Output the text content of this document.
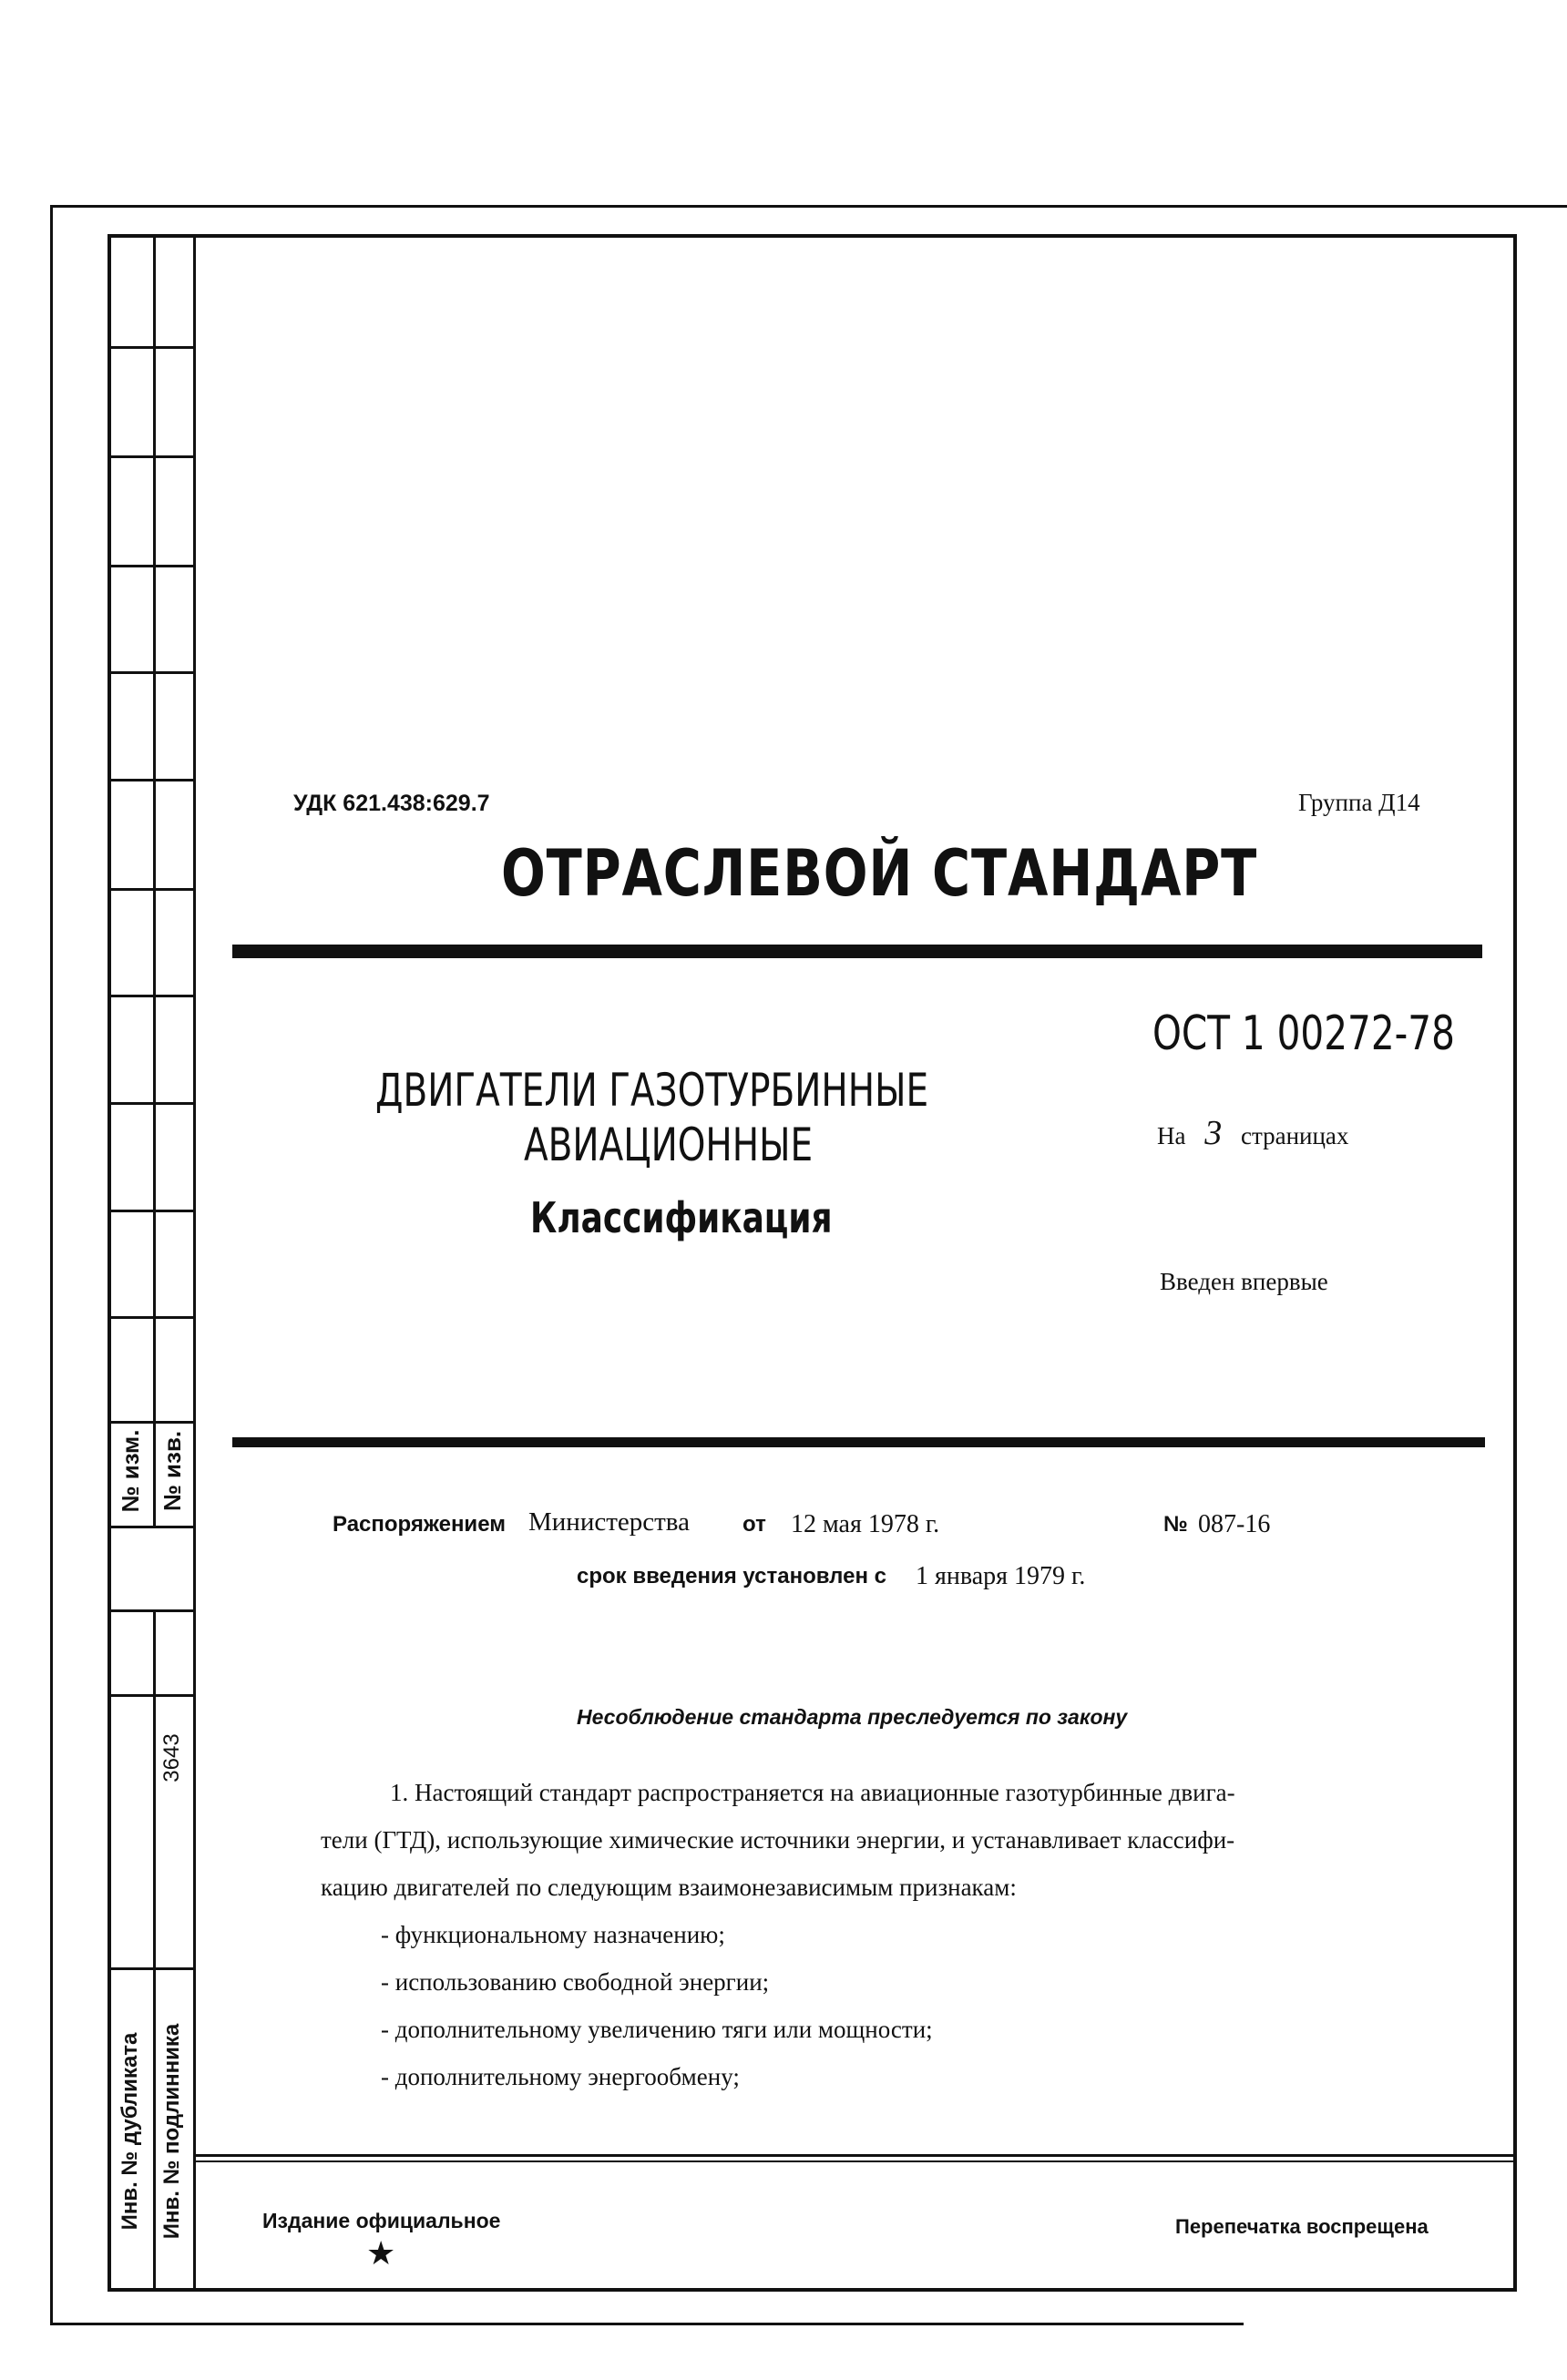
№ изм. № изв.
3643
Инв. № дубликата Инв. № подлинника
УДК 621.438:629.7	Группа Д14
ОТРАСЛЕВОЙ СТАНДАРТ
ОСТ 1 00272-78
На 3 страницах
Введен впервые
ДВИГАТЕЛИ ГАЗОТУРБИННЫЕ
АВИАЦИОННЫЕ
Классификация
Распоряжением Министерства от 12 мая 1978 г.	№ 087-16
срок введения установлен с 1 января 1979 г.
Несоблюдение стандарта преследуется по закону
1. Настоящий стандарт распространяется на авиационные газотурбинные двига-
тели (ГТД), использующие химические источники энергии, и устанавливает классифи-
кацию двигателей по следующим взаимонезависимым признакам:
- функциональному назначению;
- использованию свободной энергии;
- дополнительному увеличению тяги или мощности;
- дополнительному энергообмену;
Издание официальное
★
Перепечатка воспрещена
